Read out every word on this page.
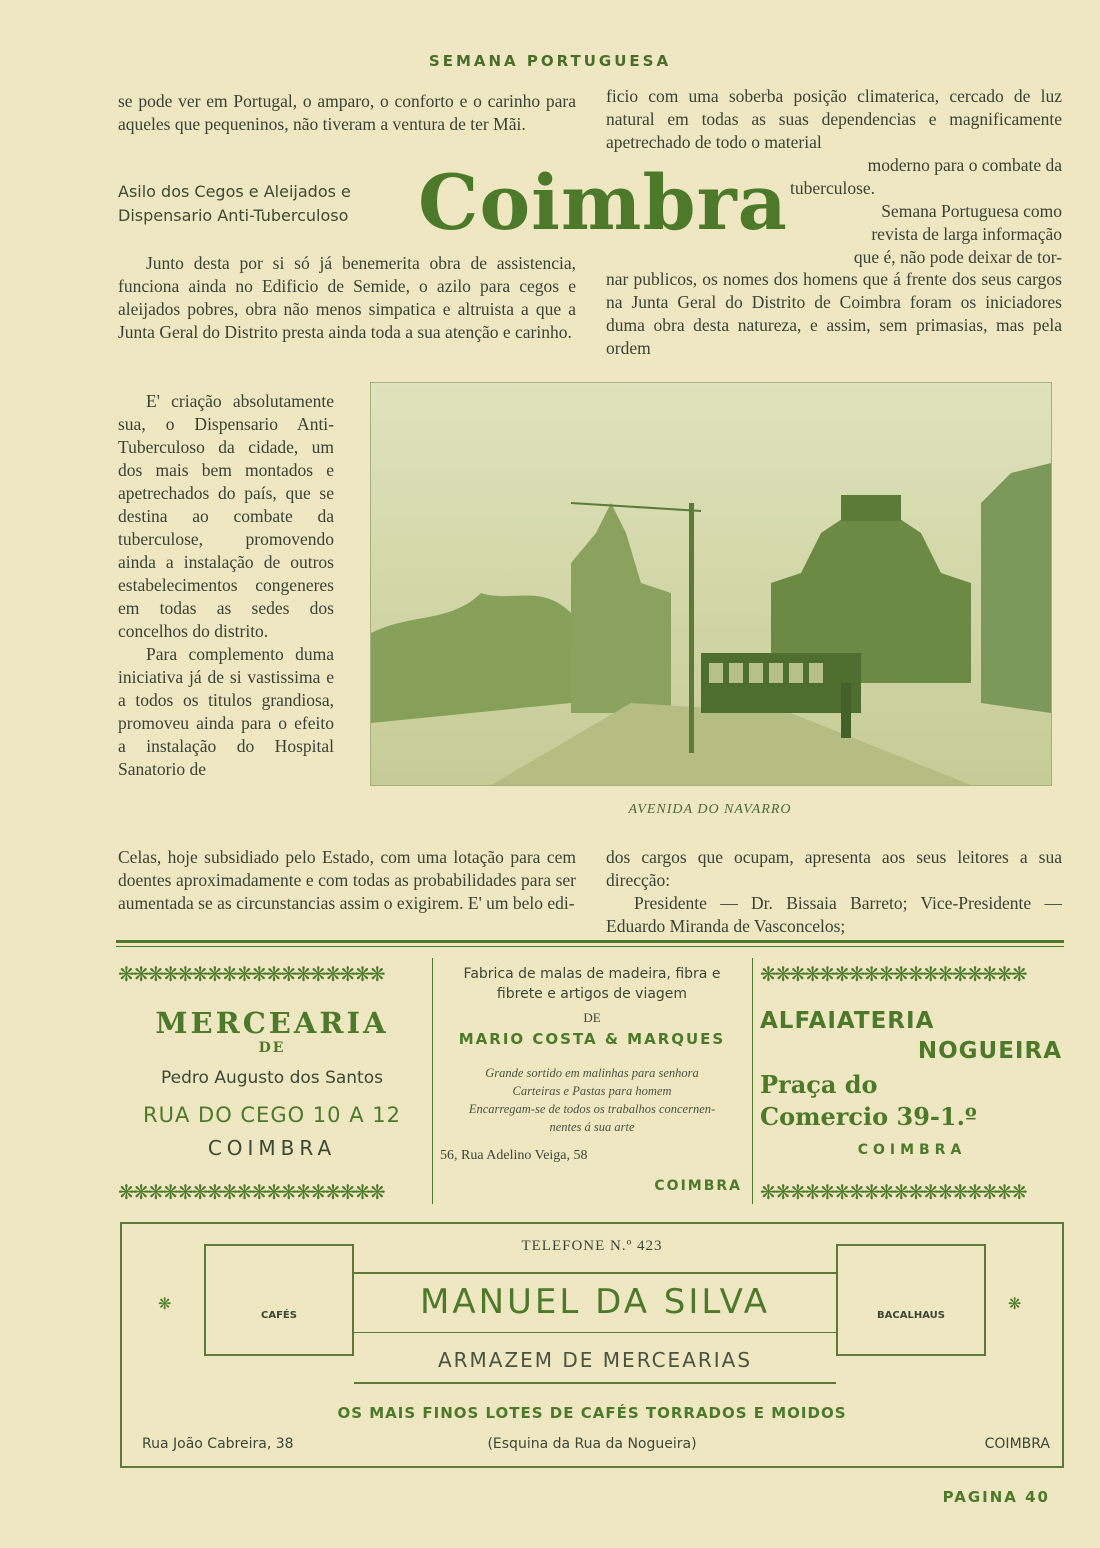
SEMANA PORTUGUESA

se pode ver em Portugal, o amparo, o conforto e o carinho para aqueles que pequeninos, não tiveram a ventura de ter Mãi.

ficio com uma soberba posição climaterica, cercado de luz natural em todas as suas dependencias e magnificamente apetrechado de todo o material

moderno para o combate da

tuberculose.

Semana Portuguesa como

revista de larga informação

que é, não pode deixar de tor-

nar publicos, os nomes dos homens que á frente dos seus cargos na Junta Geral do Distrito de Coimbra foram os iniciadores duma obra desta natureza, e assim, sem primasias, mas pela ordem

Asilo dos Cegos e Aleijados e
Dispensario Anti-Tuberculoso Coimbra

Junto desta por si só já benemerita obra de assistencia, funciona ainda no Edificio de Semide, o azilo para cegos e aleijados pobres, obra não menos simpatica e altruista a que a Junta Geral do Distrito presta ainda toda a sua atenção e carinho.

E' criação absolutamente sua, o Dispensario Anti-Tuberculoso da cidade, um dos mais bem montados e apetrechados do país, que se destina ao combate da tuberculose, promovendo ainda a instalação de outros estabelecimentos congeneres em todas as sedes dos concelhos do distrito.

Para complemento duma iniciativa já de si vastissima e a todos os titulos grandiosa, promoveu ainda para o efeito a instalação do Hospital Sanatorio de

AVENIDA DO NAVARRO

Celas, hoje subsidiado pelo Estado, com uma lotação para cem doentes aproximadamente e com todas as probabilidades para ser aumentada se as circunstancias assim o exigirem. E' um belo edi-

dos cargos que ocupam, apresenta aos seus leitores a sua direcção:

Presidente — Dr. Bissaia Barreto; Vice-Presidente — Eduardo Miranda de Vasconcelos;

❋❋❋❋❋❋❋❋❋❋❋❋❋❋❋❋❋❋
MERCEARIA
DE
Pedro Augusto dos Santos
RUA DO CEGO 10 A 12
COIMBRA
❋❋❋❋❋❋❋❋❋❋❋❋❋❋❋❋❋❋
Fabrica de malas de madeira, fibra e
fibrete e artigos de viagem
DE
MARIO COSTA & MARQUES
Grande sortido em malinhas para senhora
Carteiras e Pastas para homem
Encarregam-se de todos os trabalhos concernen-
nentes á sua arte
56, Rua Adelino Veiga, 58
COIMBRA
❋❋❋❋❋❋❋❋❋❋❋❋❋❋❋❋❋❋
ALFAIATERIA
NOGUEIRA
Praça do
Comercio 39-1.º
COIMBRA
❋❋❋❋❋❋❋❋❋❋❋❋❋❋❋❋❋❋
TELEFONE N.º 423
CAFÉS	BACALHAUS
❋	❋
MANUEL DA SILVA
ARMAZEM DE MERCEARIAS
OS MAIS FINOS LOTES DE CAFÉS TORRADOS E MOIDOS
Rua João Cabreira, 38	(Esquina da Rua da Nogueira)	COIMBRA
PAGINA 40
